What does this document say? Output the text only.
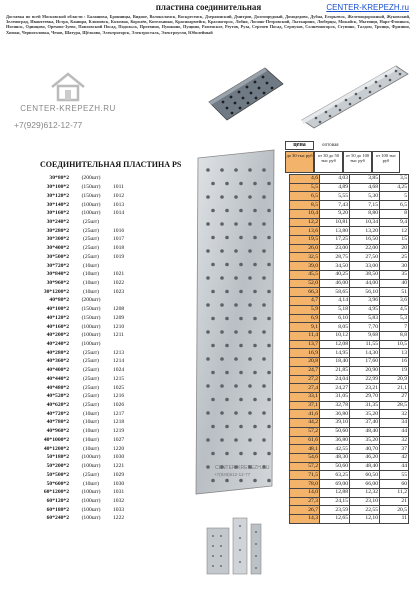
пластина соединительная	CENTER-KREPEZH.ru
Доставка по всей Московской области : Балашиха, Бронницы, Видное, Волоколамск, Воскресенск, Дзержинский, Дмитров, Долгопрудный, Домодедово, Дубна, Егорьевск, Железнодорожный, Жуковский, Зеленоград, Ивантеевка, Истра, Кашира, Климовск, Коломна, Королёв, Котельники, Красноармейск, Красногорск, Лобня, Лосино-Петровский, Лыткарино, Люберцы, Можайск, Мытищи, Наро-Фоминск, Ногинск, Одинцово, Орехово-Зуево, Павловский Посад, Подольск, Протвино, Пушкино, Пущино, Раменское, Реутов, Руза, Сергиев Посад, Серпухов, Солнечногорск, Ступино, Талдом, Троицк, Фрязино, Химки, Черноголовка, Чехов, Шатура, Щёлково, Электрогорск, Электросталь, Электроугли, Юбилейный
CENTER-KREPEZH.RU
+7(929)612-12-77
CENTER-KREPEZH.RU
+7(929)612-12-77
СОЕДИНИТЕЛЬНАЯ ПЛАСТИНА PS
цена	оптовая
до 30 тыс руб	от 30 до 50 тыс руб
от 50 до 100 тыс руб
от 100 тыс руб
30*80*2	(200шт)			4,6	4,03	3,85	3,5
30*100*2	(150шт)	1011		5,5	4,89	4,68	4,25
30*120*2	(150шт)	1012		6,5	5,55	5,30	5
30*140*2	(100шт)	1013		8,5	7,43	7,15	6,5
30*160*2	(100шт)	1014		10,4	9,20	8,80	8
30*240*2	(25шт)			12,2	10,81	10,34	9,4
30*280*2	(25шт)	1016		13,6	13,80	13,20	12
30*300*2	(25шт)	1017		19,5	17,25	16,50	15
30*400*2	(25шт)	1018		26,0	23,00	22,00	20
30*500*2	(25шт)	1019		32,5	28,75	27,50	25
30*720*2	(10шт)			39,0	34,50	33,00	30
30*840*2	(10шт)	1021		45,5	40,25	38,50	35
30*960*2	(10шт)	1022		52,0	46,00	44,00	40
30*1200*2	(10шт)	1023		66,3	58,65	56,10	51
40*80*2	(200шт)			4,7	4,14	3,96	3,6
40*100*2	(150шт)	1208		5,9	5,18	4,95	4,5
40*120*2	(150шт)	1209		6,9	6,10	5,83	5,3
40*160*2	(100шт)	1210		9,1	8,05	7,70	7
40*200*2	(100шт)	1211		11,4	10,12	9,68	8,8
40*240*2	(100шт)			13,7	12,08	11,55	10,5
40*280*2	(25шт)	1213		16,9	14,95	14,30	13
40*360*2	(25шт)	1214		20,8	18,40	17,60	16
40*400*2	(25шт)	1024		24,7	21,85	20,90	19
40*440*2	(25шт)	1215		27,2	24,04	22,99	20,9
40*480*2	(25шт)	1025		27,4	24,27	23,21	21,1
40*520*2	(25шт)	1216		33,1	31,05	29,70	27
40*620*2	(25шт)	1026		37,1	32,78	31,35	28,5
40*720*2	(10шт)	1217		41,6	36,80	35,20	32
40*780*2	(10шт)	1218		44,2	39,10	37,40	34
40*960*2	(10шт)	1219		57,2	50,60	48,40	44
40*1000*2	(10шт)	1027		61,6	36,80	35,20	32
40*1200*2	(10шт)	1220		48,1	42,55	40,70	37
50*180*2	(100шт)	1030		54,6	48,30	46,20	42
50*200*2	(100шт)	1221		57,2	50,60	48,40	44
50*500*2	(25шт)	1029		71,5	63,25	60,50	55
50*600*2	(10шт)	1030		78,0	69,00	66,00	60
60*1200*2	(100шт)	1031		14,0	12,88	12,32	11,2
60*120*2	(100шт)	1032		27,3	24,15	23,10	21
60*180*2	(100шт)	1033		26,7	23,59	22,55	20,5
60*240*2	(100шт)	1222		14,3	12,65	12,10	11
